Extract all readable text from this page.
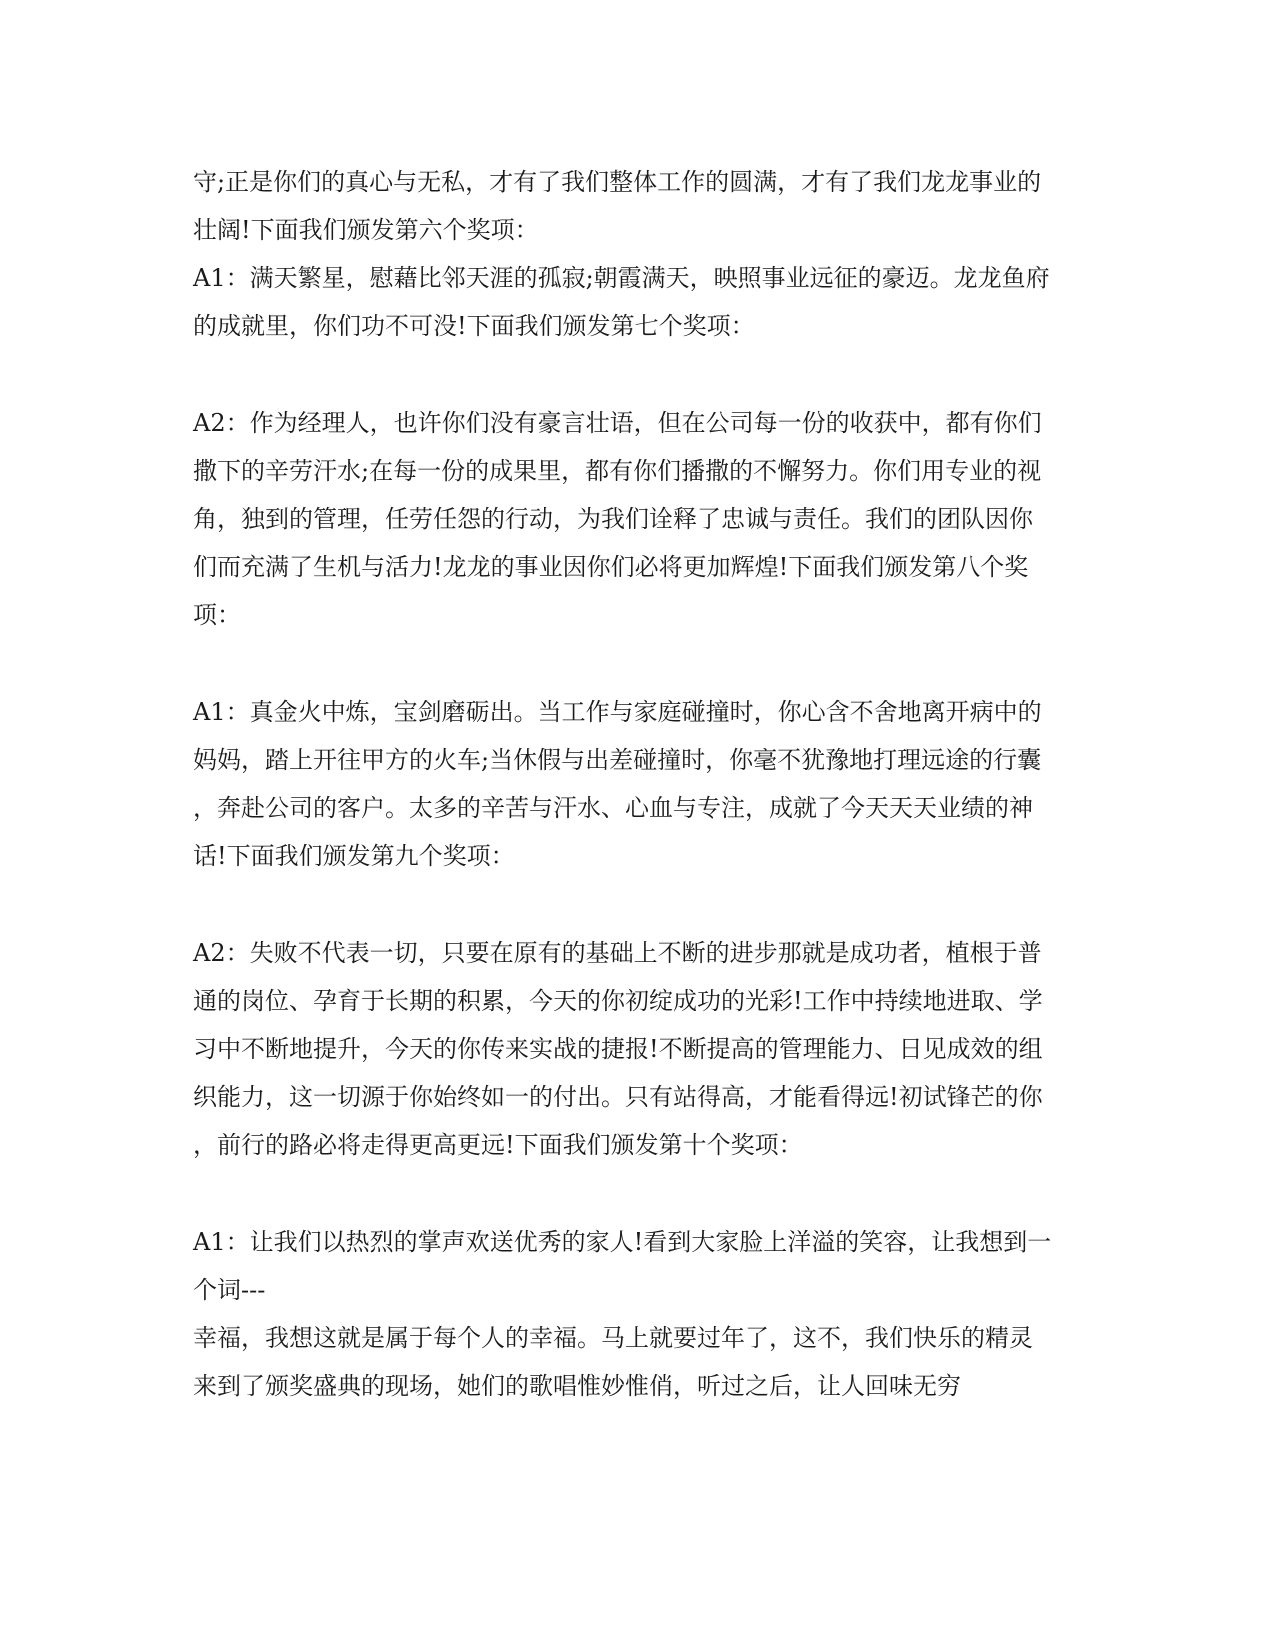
守;正是你们的真心与无私，才有了我们整体工作的圆满，才有了我们龙龙事业的
壮阔!下面我们颁发第六个奖项：
A1：满天繁星，慰藉比邻天涯的孤寂;朝霞满天，映照事业远征的豪迈。龙龙鱼府
的成就里，你们功不可没!下面我们颁发第七个奖项：

A2：作为经理人，也许你们没有豪言壮语，但在公司每一份的收获中，都有你们
撒下的辛劳汗水;在每一份的成果里，都有你们播撒的不懈努力。你们用专业的视
角，独到的管理，任劳任怨的行动，为我们诠释了忠诚与责任。我们的团队因你
们而充满了生机与活力!龙龙的事业因你们必将更加辉煌!下面我们颁发第八个奖
项：

A1：真金火中炼，宝剑磨砺出。当工作与家庭碰撞时，你心含不舍地离开病中的
妈妈，踏上开往甲方的火车;当休假与出差碰撞时，你毫不犹豫地打理远途的行囊
，奔赴公司的客户。太多的辛苦与汗水、心血与专注，成就了今天天天业绩的神
话!下面我们颁发第九个奖项：

A2：失败不代表一切，只要在原有的基础上不断的进步那就是成功者，植根于普
通的岗位、孕育于长期的积累，今天的你初绽成功的光彩!工作中持续地进取、学
习中不断地提升，今天的你传来实战的捷报!不断提高的管理能力、日见成效的组
织能力，这一切源于你始终如一的付出。只有站得高，才能看得远!初试锋芒的你
，前行的路必将走得更高更远!下面我们颁发第十个奖项：

A1：让我们以热烈的掌声欢送优秀的家人!看到大家脸上洋溢的笑容，让我想到一
个词---
幸福，我想这就是属于每个人的幸福。马上就要过年了，这不，我们快乐的精灵
来到了颁奖盛典的现场，她们的歌唱惟妙惟俏，听过之后，让人回味无穷
